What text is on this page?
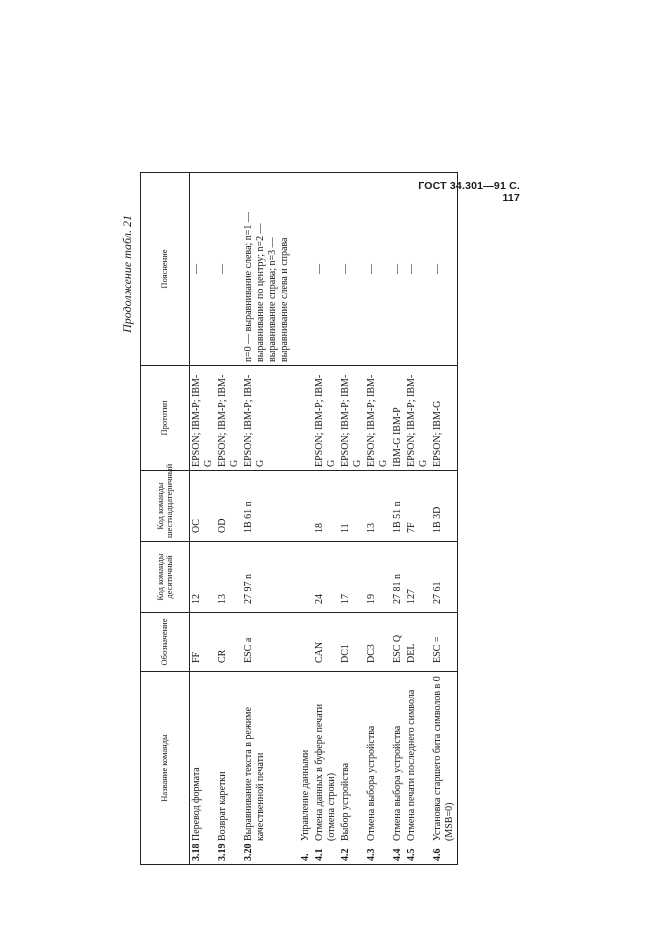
ГОСТ 34.301—91 С. 117
Продолжение табл. 21
Название команды	Обозначение	Код команды десятичный	Код команды шестнадцатеричный	Прототип	Пояснение

3.18
Перевод формата	FF	12	OC	EPSON; IBM-P; IBM-G	—

3.19
Возврат каретки	CR	13	OD	EPSON; IBM-P; IBM-G	—

3.20
Выравнивание текста в режиме качественной печати	ESC a	27 97 n	1B 61 n	EPSON; IBM-P; IBM-G	n=0 — выравнивание слева; n=1 — выравнивание по центру; n=2 — выравнивание справа; n=3 — выравнивание слева и справа

4.
Управление данными					

4.1
Отмена данных в буфере печати (отмена строки)	CAN	24	18	EPSON; IBM-P; IBM-G	—

4.2
Выбор устройства	DC1	17	11	EPSON; IBM-P; IBM-G	—

4.3
Отмена выбора устройства	DC3	19	13	EPSON; IBM-P; IBM-G	—

4.4
Отмена выбора устройства	ESC Q	27 81 n	1B 51 n	IBM-G IBM-P	—

4.5
Отмена печати последнего символа	DEL	127	7F	EPSON; IBM-P; IBM-G	—

4.6
Установка старшего бита символов в 0 (MSB=0)	ESC =	27 61	1B 3D	EPSON; IBM-G	—
